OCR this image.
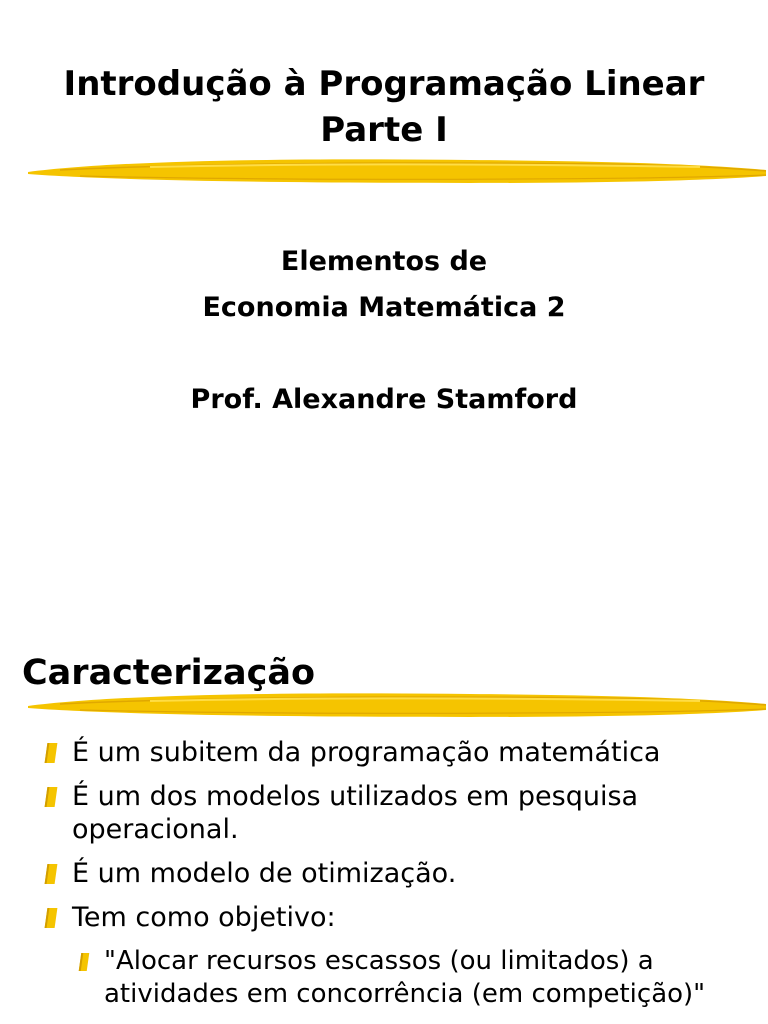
Introdução à Programação Linear
Parte I
Elementos de
Economia Matemática 2
Prof. Alexandre Stamford
Caracterização
É um subitem da programação matemática
É um dos modelos utilizados em pesquisa operacional.
É um modelo de otimização.
Tem como objetivo:
"Alocar recursos escassos (ou limitados) a atividades em concorrência (em competição)"
